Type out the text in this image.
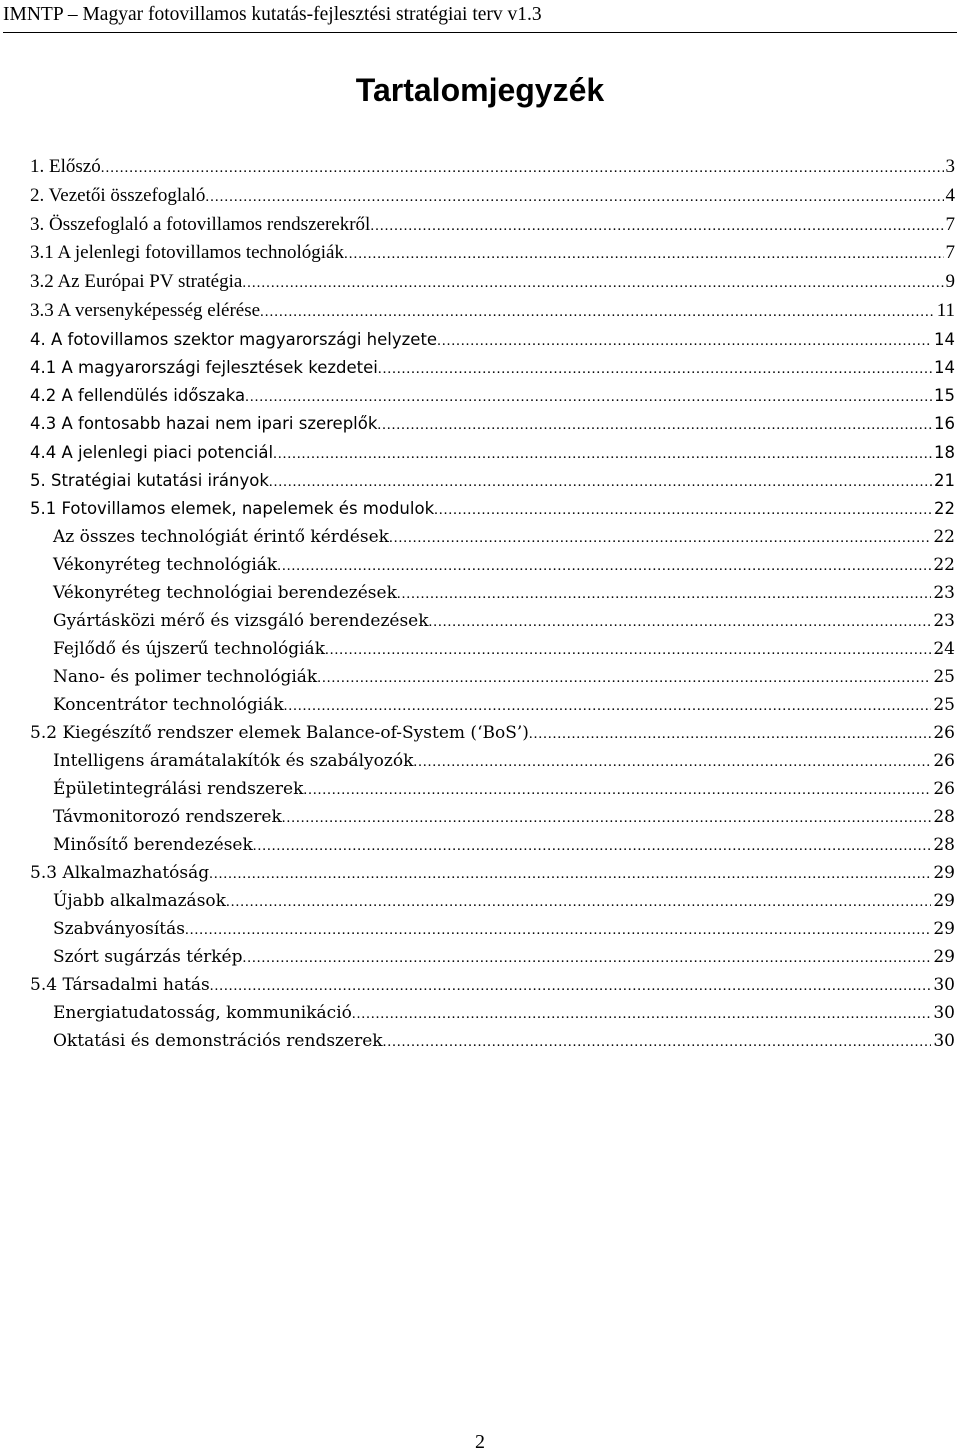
IMNTP – Magyar fotovillamos kutatás-fejlesztési stratégiai terv v1.3
Tartalomjegyzék
1. Előszó .....	3
2. Vezetői összefoglaló .....	4
3. Összefoglaló a fotovillamos rendszerekről .....	7
3.1 A jelenlegi fotovillamos technológiák .....	7
3.2 Az Európai PV stratégia .....	9
3.3 A versenyképesség elérése .....	11
4. A fotovillamos szektor magyarországi helyzete .....	14
4.1 A magyarországi fejlesztések kezdetei .....	14
4.2 A fellendülés időszaka .....	15
4.3 A fontosabb hazai nem ipari szereplők .....	16
4.4 A jelenlegi piaci potenciál .....	18
5. Stratégiai kutatási irányok .....	21
5.1 Fotovillamos elemek, napelemek és modulok .....	22
Az összes technológiát érintő kérdések .....	22
Vékonyréteg technológiák .....	22
Vékonyréteg technológiai berendezések .....	23
Gyártásközi mérő és vizsgáló berendezések .....	23
Fejlődő és újszerű technológiák .....	24
Nano- és polimer technológiák .....	25
Koncentrátor technológiák .....	25
5.2 Kiegészítő rendszer elemek Balance-of-System (‘BoS’) .....	26
Intelligens áramátalakítók és szabályozók .....	26
Épületintegrálási rendszerek .....	26
Távmonitorozó rendszerek .....	28
Minősítő berendezések .....	28
5.3 Alkalmazhatóság .....	29
Újabb alkalmazások .....	29
Szabványosítás .....	29
Szórt sugárzás térkép .....	29
5.4 Társadalmi hatás .....	30
Energiatudatosság, kommunikáció .....	30
Oktatási és demonstrációs rendszerek .....	30
2
